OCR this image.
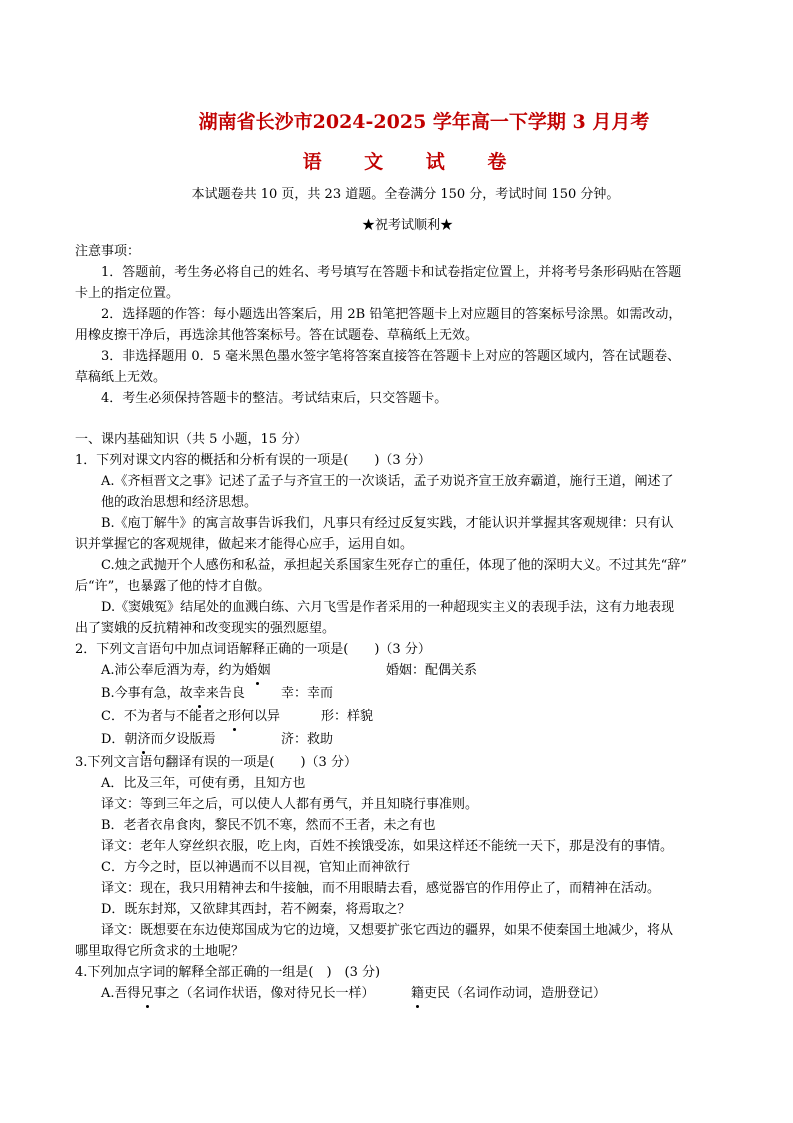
湖南省长沙市2024-2025 学年高一下学期 3 月月考
语 文 试 卷
本试题卷共 10 页，共 23 道题。全卷满分 150 分，考试时间 150 分钟。
★祝考试顺利★
注意事项：
1．答题前，考生务必将自己的姓名、考号填写在答题卡和试卷指定位置上，并将考号条形码贴在答题
卡上的指定位置。
2．选择题的作答：每小题选出答案后，用 2B 铅笔把答题卡上对应题目的答案标号涂黑。如需改动，
用橡皮擦干净后，再选涂其他答案标号。答在试题卷、草稿纸上无效。
3．非选择题用 0．5 毫米黑色墨水签字笔将答案直接答在答题卡上对应的答题区域内，答在试题卷、
草稿纸上无效。
4．考生必须保持答题卡的整洁。考试结束后，只交答题卡。
一、课内基础知识（共 5 小题，15 分）
1．下列对课文内容的概括和分析有误的一项是(　　)（3 分）
A.《齐桓晋文之事》记述了孟子与齐宣王的一次谈话，孟子劝说齐宣王放弃霸道，施行王道，阐述了
他的政治思想和经济思想。
B.《庖丁解牛》的寓言故事告诉我们，凡事只有经过反复实践，才能认识并掌握其客观规律：只有认
识并掌握它的客观规律，做起来才能得心应手，运用自如。
C.烛之武抛开个人感伤和私益，承担起关系国家生死存亡的重任，体现了他的深明大义。不过其先“辞”
后“许”，也暴露了他的恃才自傲。
D.《窦娥冤》结尾处的血溅白练、六月飞雪是作者采用的一种超现实主义的表现手法，这有力地表现
出了窦娥的反抗精神和改变现实的强烈愿望。
2．下列文言语句中加点词语解释正确的一项是(　　)（3 分）
A.沛公奉卮酒为寿，约为婚姻	婚姻：配偶关系
B.今事有急，故幸来告良	幸：幸而
C．不为者与不能者之形何以异	形：样貌
D．朝济而夕设版焉	济：救助
3.下列文言语句翻译有误的一项是(　　)（3 分）
A．比及三年，可使有勇，且知方也
译文：等到三年之后，可以使人人都有勇气，并且知晓行事准则。
B．老者衣帛食肉，黎民不饥不寒，然而不王者，未之有也
译文：老年人穿丝织衣服，吃上肉，百姓不挨饿受冻，如果这样还不能统一天下，那是没有的事情。
C．方今之时，臣以神遇而不以目视，官知止而神欲行
译文：现在，我只用精神去和牛接触，而不用眼睛去看，感觉器官的作用停止了，而精神在活动。
D．既东封郑，又欲肆其西封，若不阙秦，将焉取之？
译文：既想要在东边使郑国成为它的边境，又想要扩张它西边的疆界，如果不使秦国土地减少，将从
哪里取得它所贪求的土地呢？
4.下列加点字词的解释全部正确的一组是(　)　(3 分)
A.吾得兄事之（名词作状语，像对待兄长一样）	籍吏民（名词作动词，造册登记）
